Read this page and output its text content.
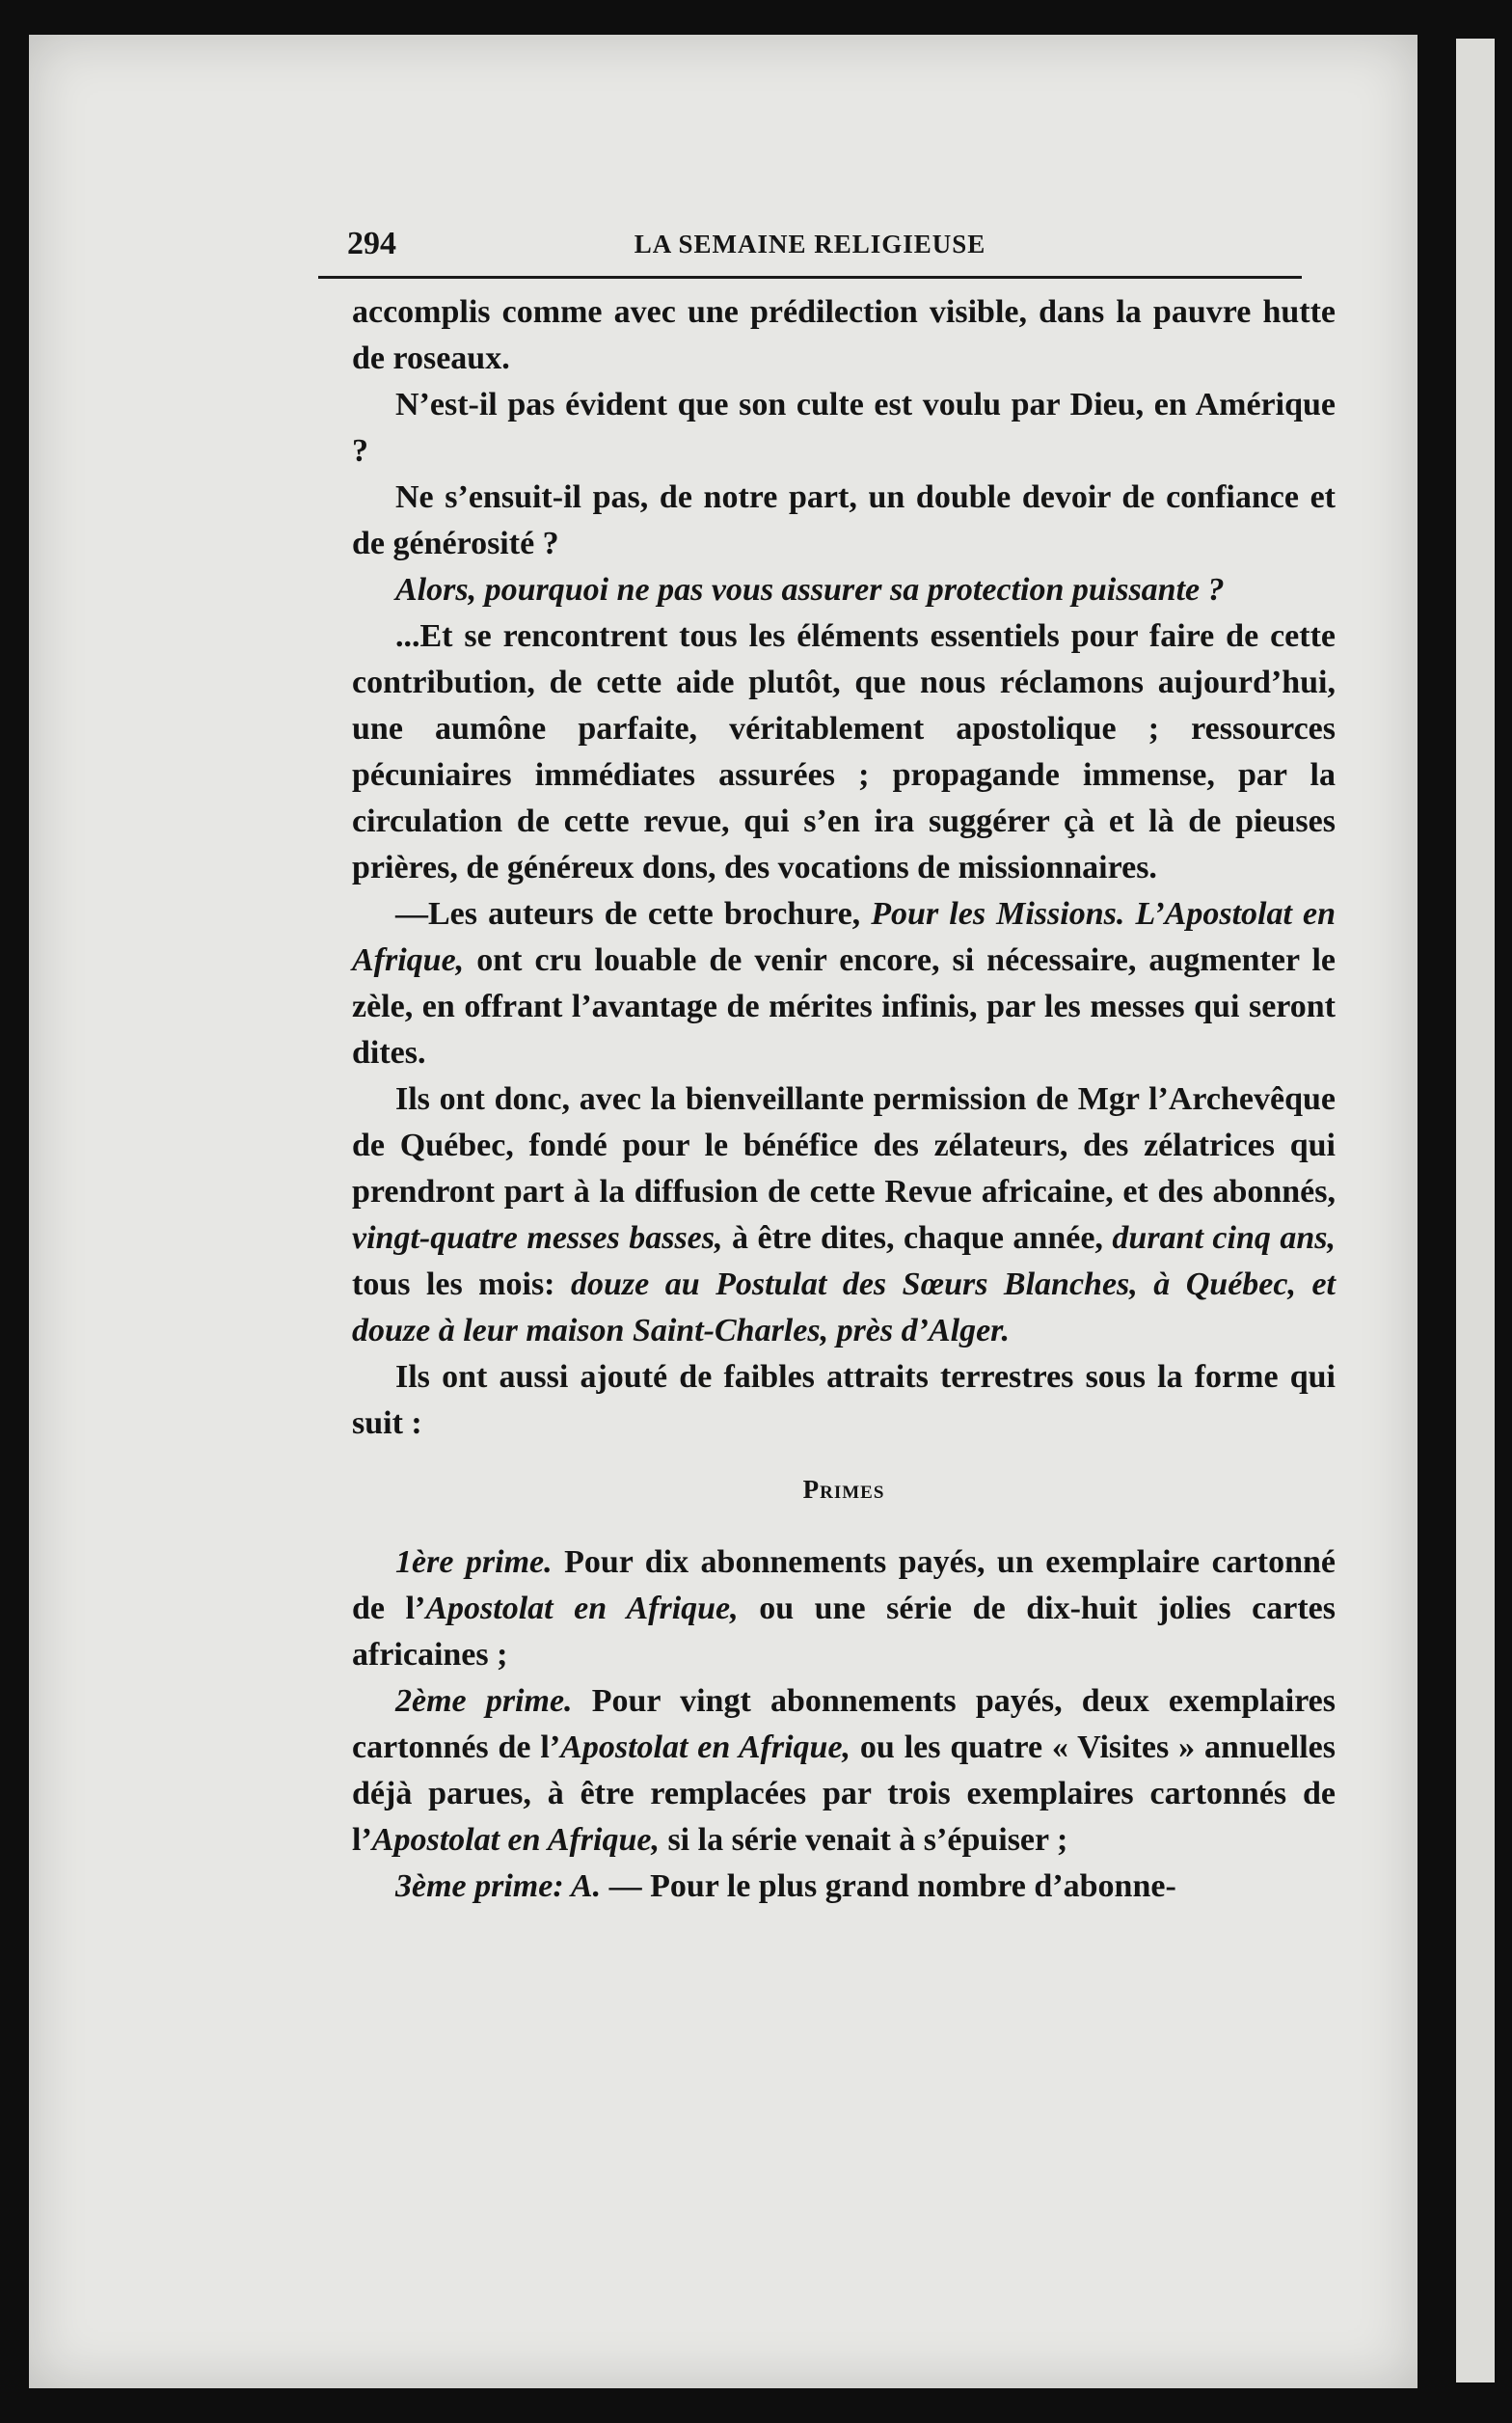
294	LA SEMAINE RELIGIEUSE

accomplis comme avec une prédilection visible, dans la pauvre hutte de roseaux.

N’est-il pas évident que son culte est voulu par Dieu, en Amérique ?

Ne s’ensuit-il pas, de notre part, un double devoir de confiance et de générosité ?

Alors, pourquoi ne pas vous assurer sa protection puissante ?

...Et se rencontrent tous les éléments essentiels pour faire de cette contribution, de cette aide plutôt, que nous réclamons aujourd’hui, une aumône parfaite, véritablement apostolique ; ressources pécuniaires immédiates assurées ; propagande immense, par la circulation de cette revue, qui s’en ira suggérer çà et là de pieuses prières, de généreux dons, des vocations de missionnaires.

—Les auteurs de cette brochure, Pour les Missions. L’Apostolat en Afrique, ont cru louable de venir encore, si nécessaire, augmenter le zèle, en offrant l’avantage de mérites infinis, par les messes qui seront dites.

Ils ont donc, avec la bienveillante permission de Mgr l’Archevêque de Québec, fondé pour le bénéfice des zélateurs, des zélatrices qui prendront part à la diffusion de cette Revue africaine, et des abonnés, vingt-quatre messes basses, à être dites, chaque année, durant cinq ans, tous les mois: douze au Postulat des Sœurs Blanches, à Québec, et douze à leur maison Saint-Charles, près d’Alger.

Ils ont aussi ajouté de faibles attraits terrestres sous la forme qui suit :

Primes

1ère prime. Pour dix abonnements payés, un exemplaire cartonné de l’Apostolat en Afrique, ou une série de dix-huit jolies cartes africaines ;

2ème prime. Pour vingt abonnements payés, deux exemplaires cartonnés de l’Apostolat en Afrique, ou les quatre « Visites » annuelles déjà parues, à être remplacées par trois exemplaires cartonnés de l’Apostolat en Afrique, si la série venait à s’épuiser ;

3ème prime: A. — Pour le plus grand nombre d’abonne-
